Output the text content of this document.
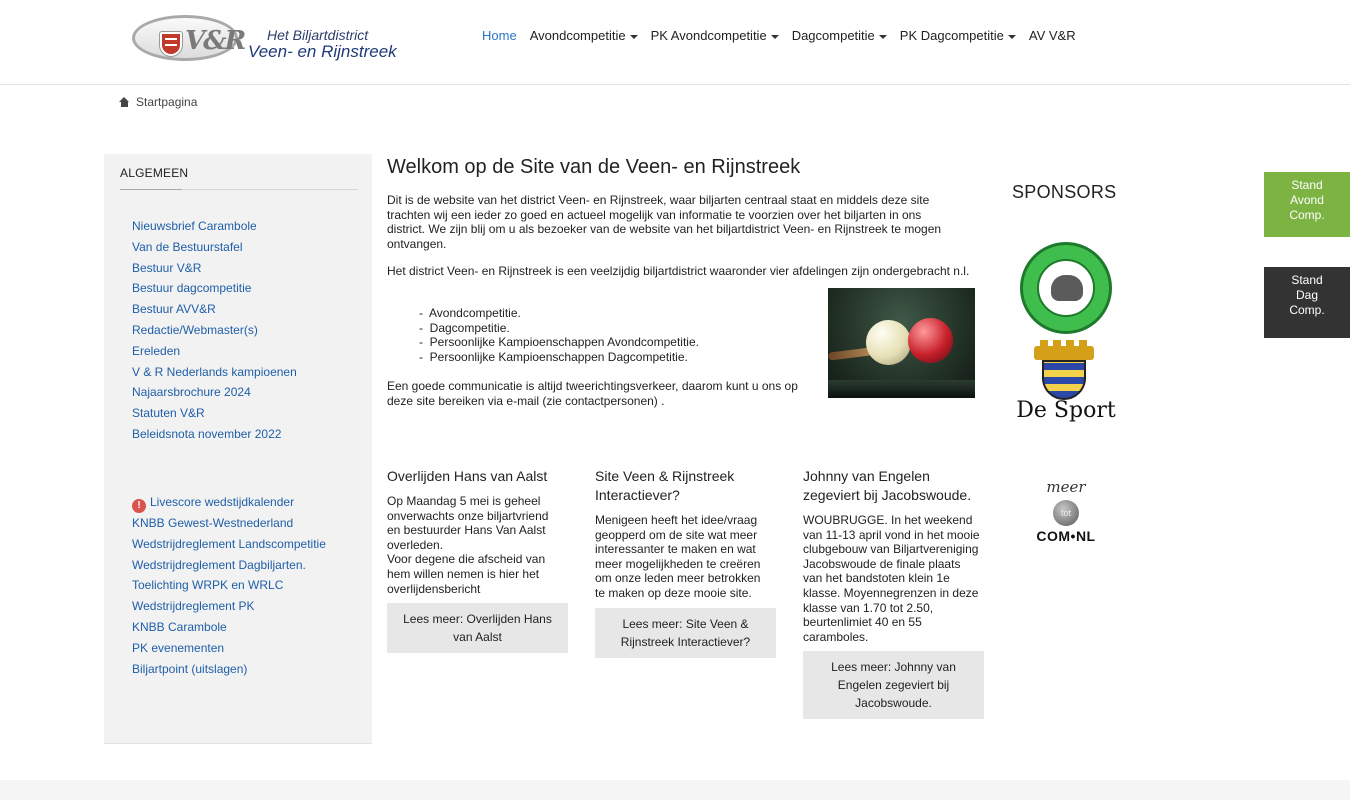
V&R Het Biljartdistrict
Veen- en Rijnstreek
Home Avondcompetitie	PK Avondcompetitie	Dagcompetitie	PK Dagcompetitie	AV V&R
Startpagina
ALGEMEEN
Nieuwsbrief Carambole
Van de Bestuurstafel
Bestuur V&R
Bestuur dagcompetitie
Bestuur AVV&R
Redactie/Webmaster(s)
Ereleden
V & R Nederlands kampioenen
Najaarsbrochure 2024
Statuten V&R
Beleidsnota november 2022
! Livescore wedstijdkalender
KNBB Gewest-Westnederland
Wedstrijdreglement Landscompetitie
Wedstrijdreglement Dagbiljarten.
Toelichting WRPK en WRLC
Wedstrijdreglement PK
KNBB Carambole
PK evenementen
Biljartpoint (uitslagen)
Welkom op de Site van de Veen- en Rijnstreek
Dit is de website van het district Veen- en Rijnstreek, waar biljarten centraal staat en middels deze site trachten wij een ieder zo goed en actueel mogelijk van informatie te voorzien over het biljarten in ons district. We zijn blij om u als bezoeker van de website van het biljartdistrict Veen- en Rijnstreek te mogen ontvangen.
Het district Veen- en Rijnstreek is een veelzijdig biljartdistrict waaronder vier afdelingen zijn ondergebracht n.l.
- Avondcompetitie.
- Dagcompetitie.
- Persoonlijke Kampioenschappen Avondcompetitie.
- Persoonlijke Kampioenschappen Dagcompetitie.
Een goede communicatie is altijd tweerichtingsverkeer, daarom kunt u ons op deze site bereiken via e-mail (zie contactpersonen) .
Overlijden Hans van Aalst
Op Maandag 5 mei is geheel
onverwachts onze biljartvriend
en bestuurder Hans Van Aalst
overleden.
Voor degene die afscheid van
hem willen nemen is hier het
overlijdensbericht
Lees meer: Overlijden Hans van Aalst
Site Veen & Rijnstreek Interactiever?
Menigeen heeft het idee/vraag
geopperd om de site wat meer
interessanter te maken en wat
meer mogelijkheden te creëren
om onze leden meer betrokken
te maken op deze mooie site.
Lees meer: Site Veen & Rijnstreek Interactiever?
Johnny van Engelen zegeviert bij Jacobswoude.
WOUBRUGGE. In het weekend
van 11-13 april vond in het mooie
clubgebouw van Biljartvereniging
Jacobswoude de finale plaats
van het bandstoten klein 1e
klasse. Moyennegrenzen in deze
klasse van 1.70 tot 2.50,
beurtenlimiet 40 en 55
caramboles.
Lees meer: Johnny van Engelen zegeviert bij Jacobswoude.
SPONSORS
De Sport
meer
tot
COM•NL
Stand
Avond
Comp.
Stand
Dag
Comp.
